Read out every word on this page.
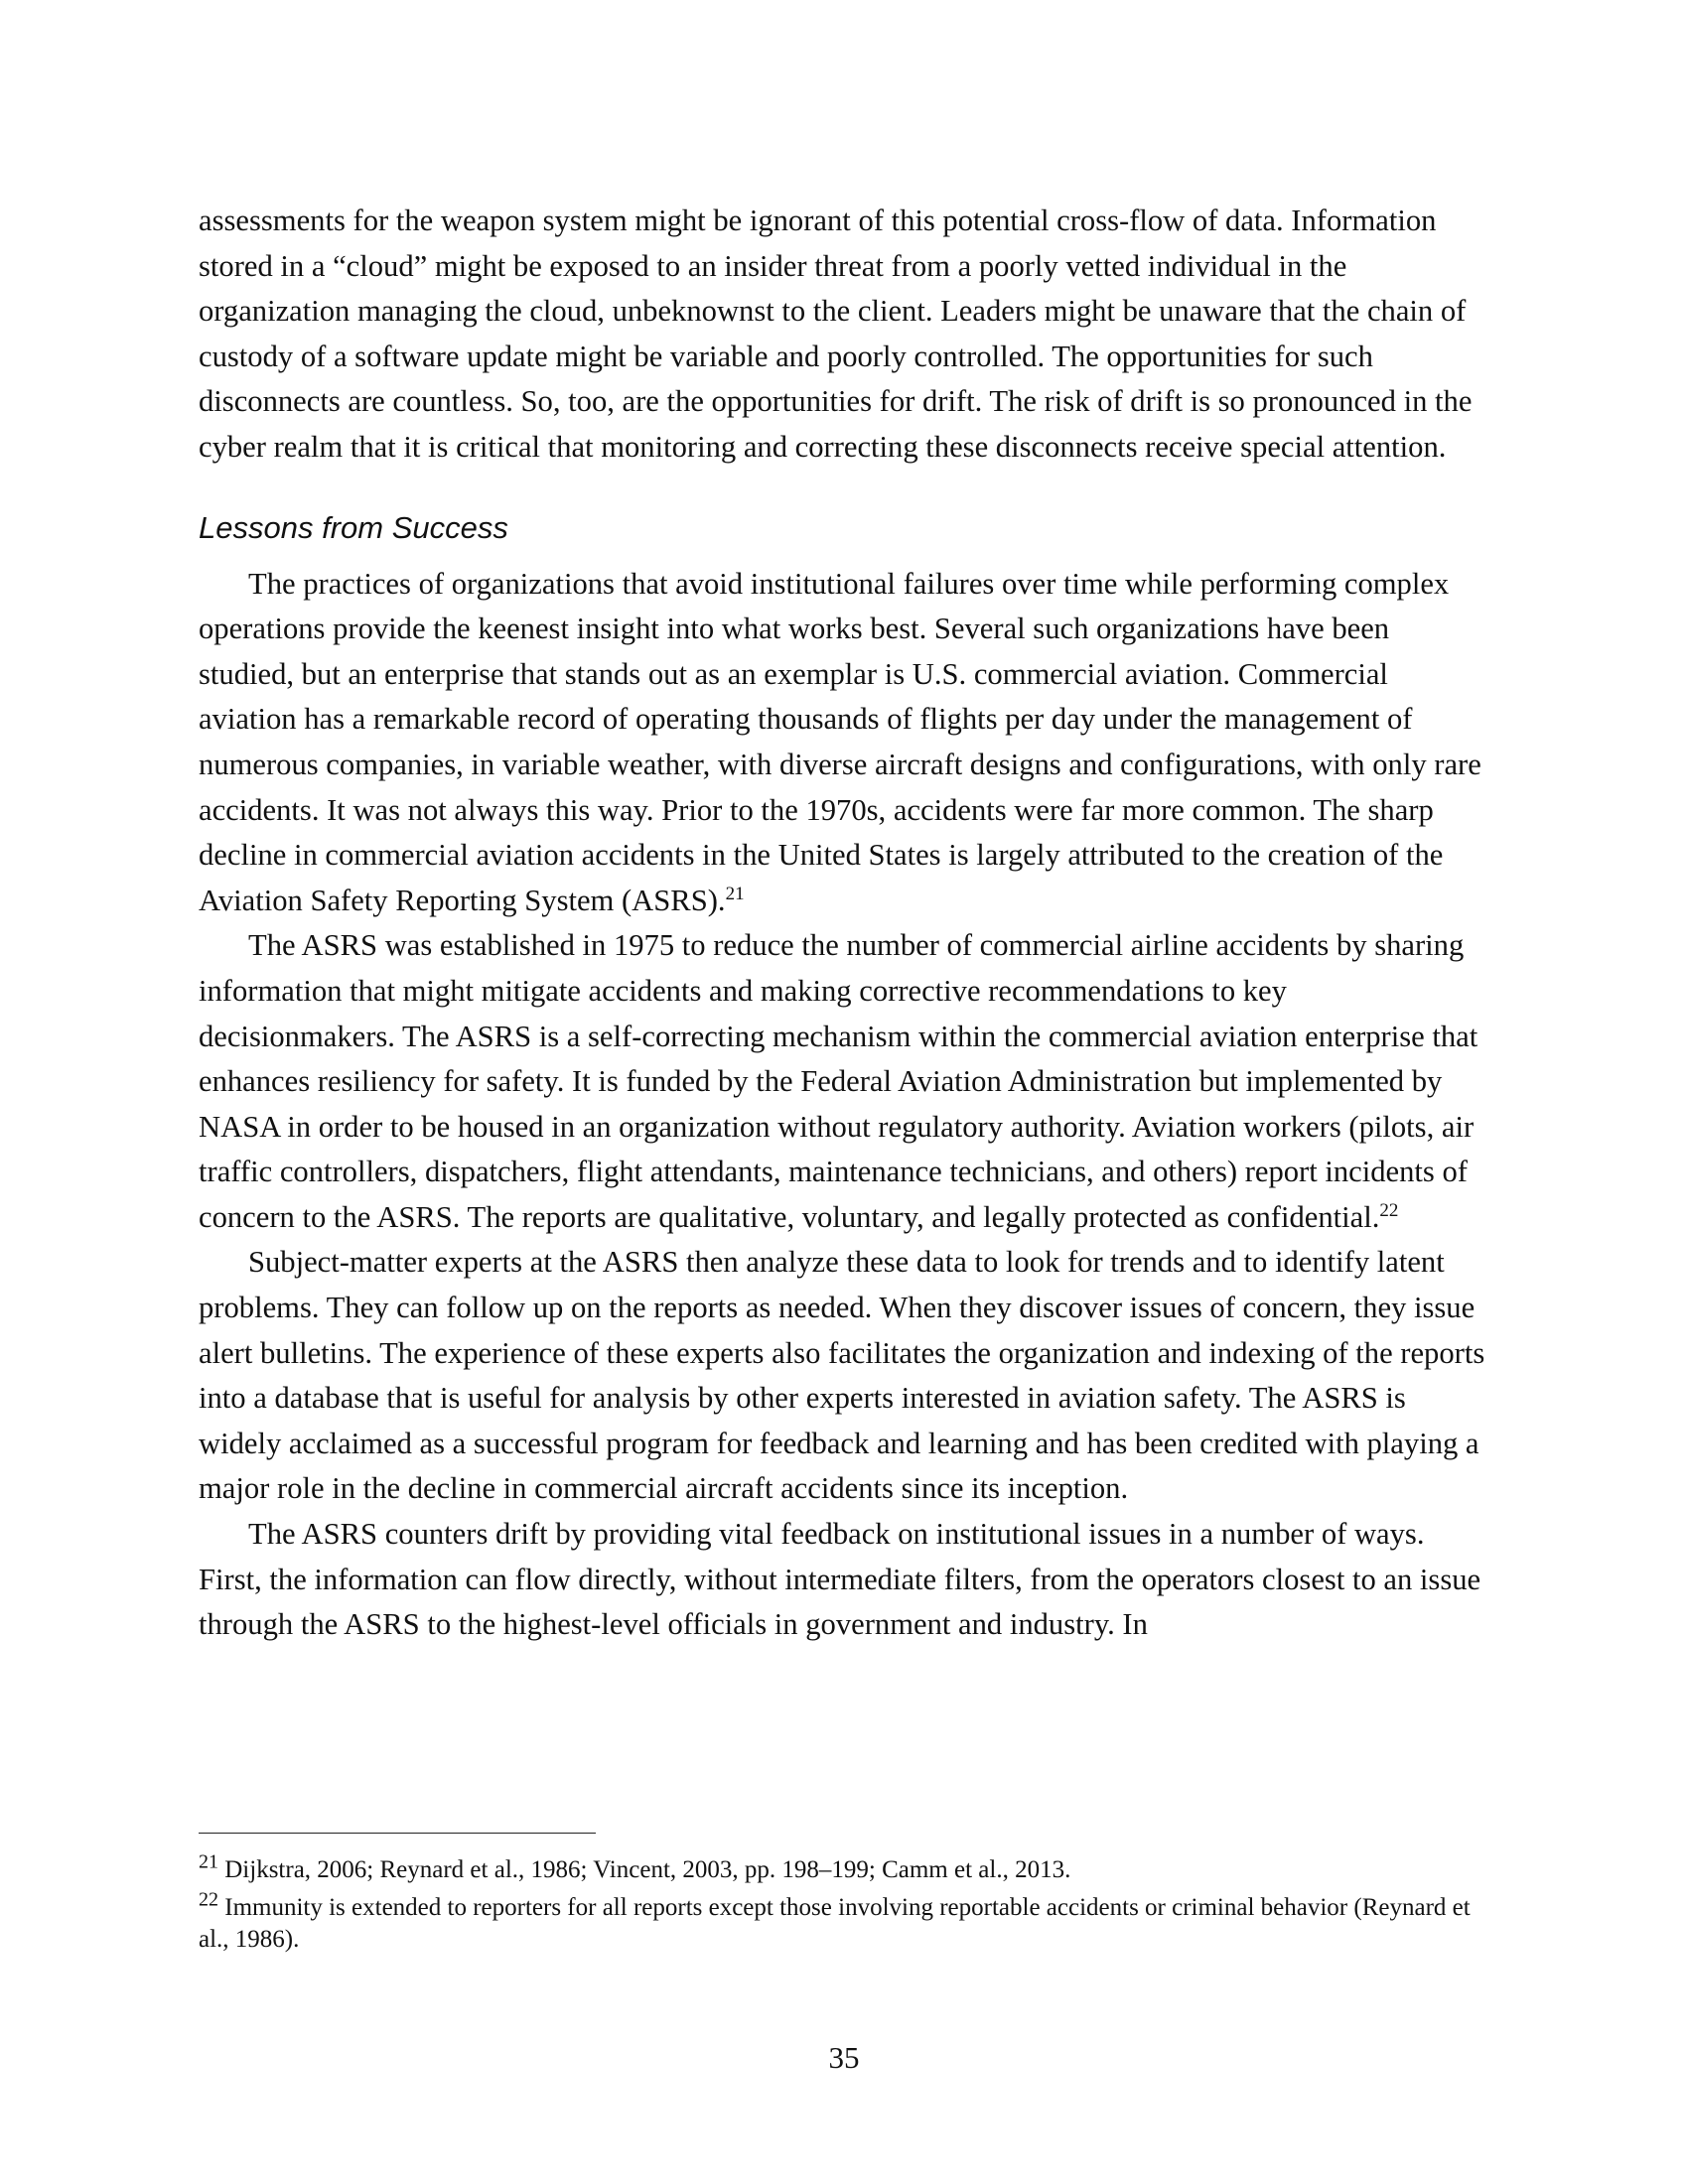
assessments for the weapon system might be ignorant of this potential cross-flow of data. Information stored in a “cloud” might be exposed to an insider threat from a poorly vetted individual in the organization managing the cloud, unbeknownst to the client. Leaders might be unaware that the chain of custody of a software update might be variable and poorly controlled. The opportunities for such disconnects are countless. So, too, are the opportunities for drift. The risk of drift is so pronounced in the cyber realm that it is critical that monitoring and correcting these disconnects receive special attention.

Lessons from Success

The practices of organizations that avoid institutional failures over time while performing complex operations provide the keenest insight into what works best. Several such organizations have been studied, but an enterprise that stands out as an exemplar is U.S. commercial aviation. Commercial aviation has a remarkable record of operating thousands of flights per day under the management of numerous companies, in variable weather, with diverse aircraft designs and configurations, with only rare accidents. It was not always this way. Prior to the 1970s, accidents were far more common. The sharp decline in commercial aviation accidents in the United States is largely attributed to the creation of the Aviation Safety Reporting System (ASRS).$^{21}$

The ASRS was established in 1975 to reduce the number of commercial airline accidents by sharing information that might mitigate accidents and making corrective recommendations to key decisionmakers. The ASRS is a self-correcting mechanism within the commercial aviation enterprise that enhances resiliency for safety. It is funded by the Federal Aviation Administration but implemented by NASA in order to be housed in an organization without regulatory authority. Aviation workers (pilots, air traffic controllers, dispatchers, flight attendants, maintenance technicians, and others) report incidents of concern to the ASRS. The reports are qualitative, voluntary, and legally protected as confidential.$^{22}$

Subject-matter experts at the ASRS then analyze these data to look for trends and to identify latent problems. They can follow up on the reports as needed. When they discover issues of concern, they issue alert bulletins. The experience of these experts also facilitates the organization and indexing of the reports into a database that is useful for analysis by other experts interested in aviation safety. The ASRS is widely acclaimed as a successful program for feedback and learning and has been credited with playing a major role in the decline in commercial aircraft accidents since its inception.

The ASRS counters drift by providing vital feedback on institutional issues in a number of ways. First, the information can flow directly, without intermediate filters, from the operators closest to an issue through the ASRS to the highest-level officials in government and industry. In

$^{21}$ Dijkstra, 2006; Reynard et al., 1986; Vincent, 2003, pp. 198–199; Camm et al., 2013.

$^{22}$ Immunity is extended to reporters for all reports except those involving reportable accidents or criminal behavior (Reynard et al., 1986).

35
